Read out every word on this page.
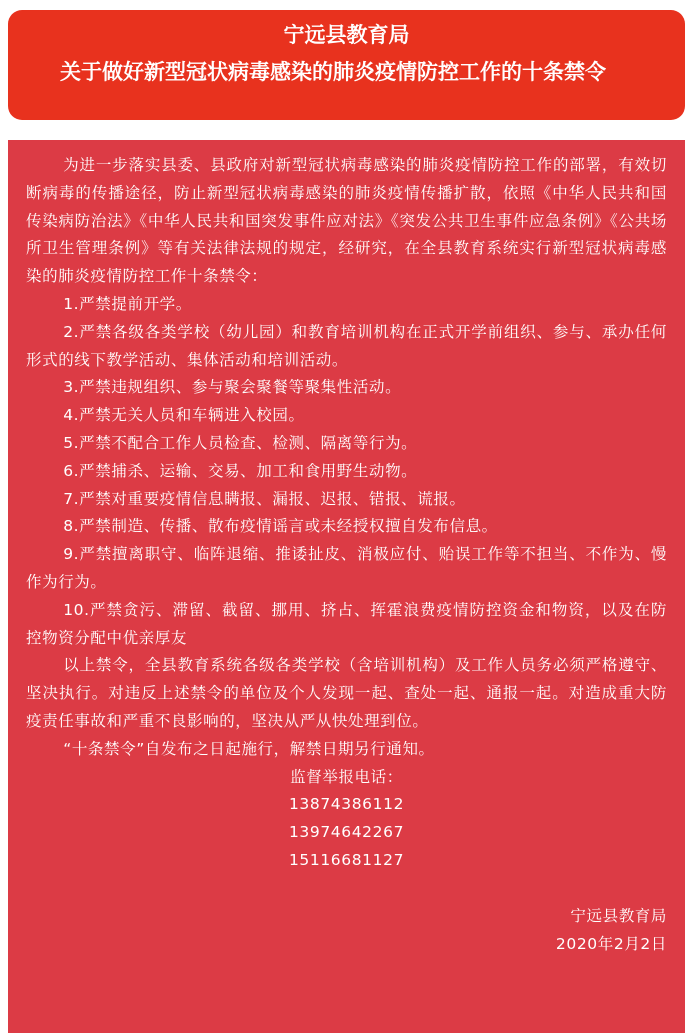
宁远县教育局
关于做好新型冠状病毒感染的肺炎疫情防控工作的十条禁令

为进一步落实县委、县政府对新型冠状病毒感染的肺炎疫情防控工作的部署，有效切断病毒的传播途径，防止新型冠状病毒感染的肺炎疫情传播扩散，依照《中华人民共和国传染病防治法》《中华人民共和国突发事件应对法》《突发公共卫生事件应急条例》《公共场所卫生管理条例》等有关法律法规的规定，经研究，在全县教育系统实行新型冠状病毒感染的肺炎疫情防控工作十条禁令：

1.严禁提前开学。

2.严禁各级各类学校（幼儿园）和教育培训机构在正式开学前组织、参与、承办任何形式的线下教学活动、集体活动和培训活动。

3.严禁违规组织、参与聚会聚餐等聚集性活动。

4.严禁无关人员和车辆进入校园。

5.严禁不配合工作人员检查、检测、隔离等行为。

6.严禁捕杀、运输、交易、加工和食用野生动物。

7.严禁对重要疫情信息瞒报、漏报、迟报、错报、谎报。

8.严禁制造、传播、散布疫情谣言或未经授权擅自发布信息。

9.严禁擅离职守、临阵退缩、推诿扯皮、消极应付、贻误工作等不担当、不作为、慢作为行为。

10.严禁贪污、滞留、截留、挪用、挤占、挥霍浪费疫情防控资金和物资，以及在防控物资分配中优亲厚友

以上禁令，全县教育系统各级各类学校（含培训机构）及工作人员务必须严格遵守、坚决执行。对违反上述禁令的单位及个人发现一起、查处一起、通报一起。对造成重大防疫责任事故和严重不良影响的，坚决从严从快处理到位。

“十条禁令”自发布之日起施行，解禁日期另行通知。

监督举报电话：

13874386112

13974642267

15116681127

宁远县教育局

2020年2月2日
